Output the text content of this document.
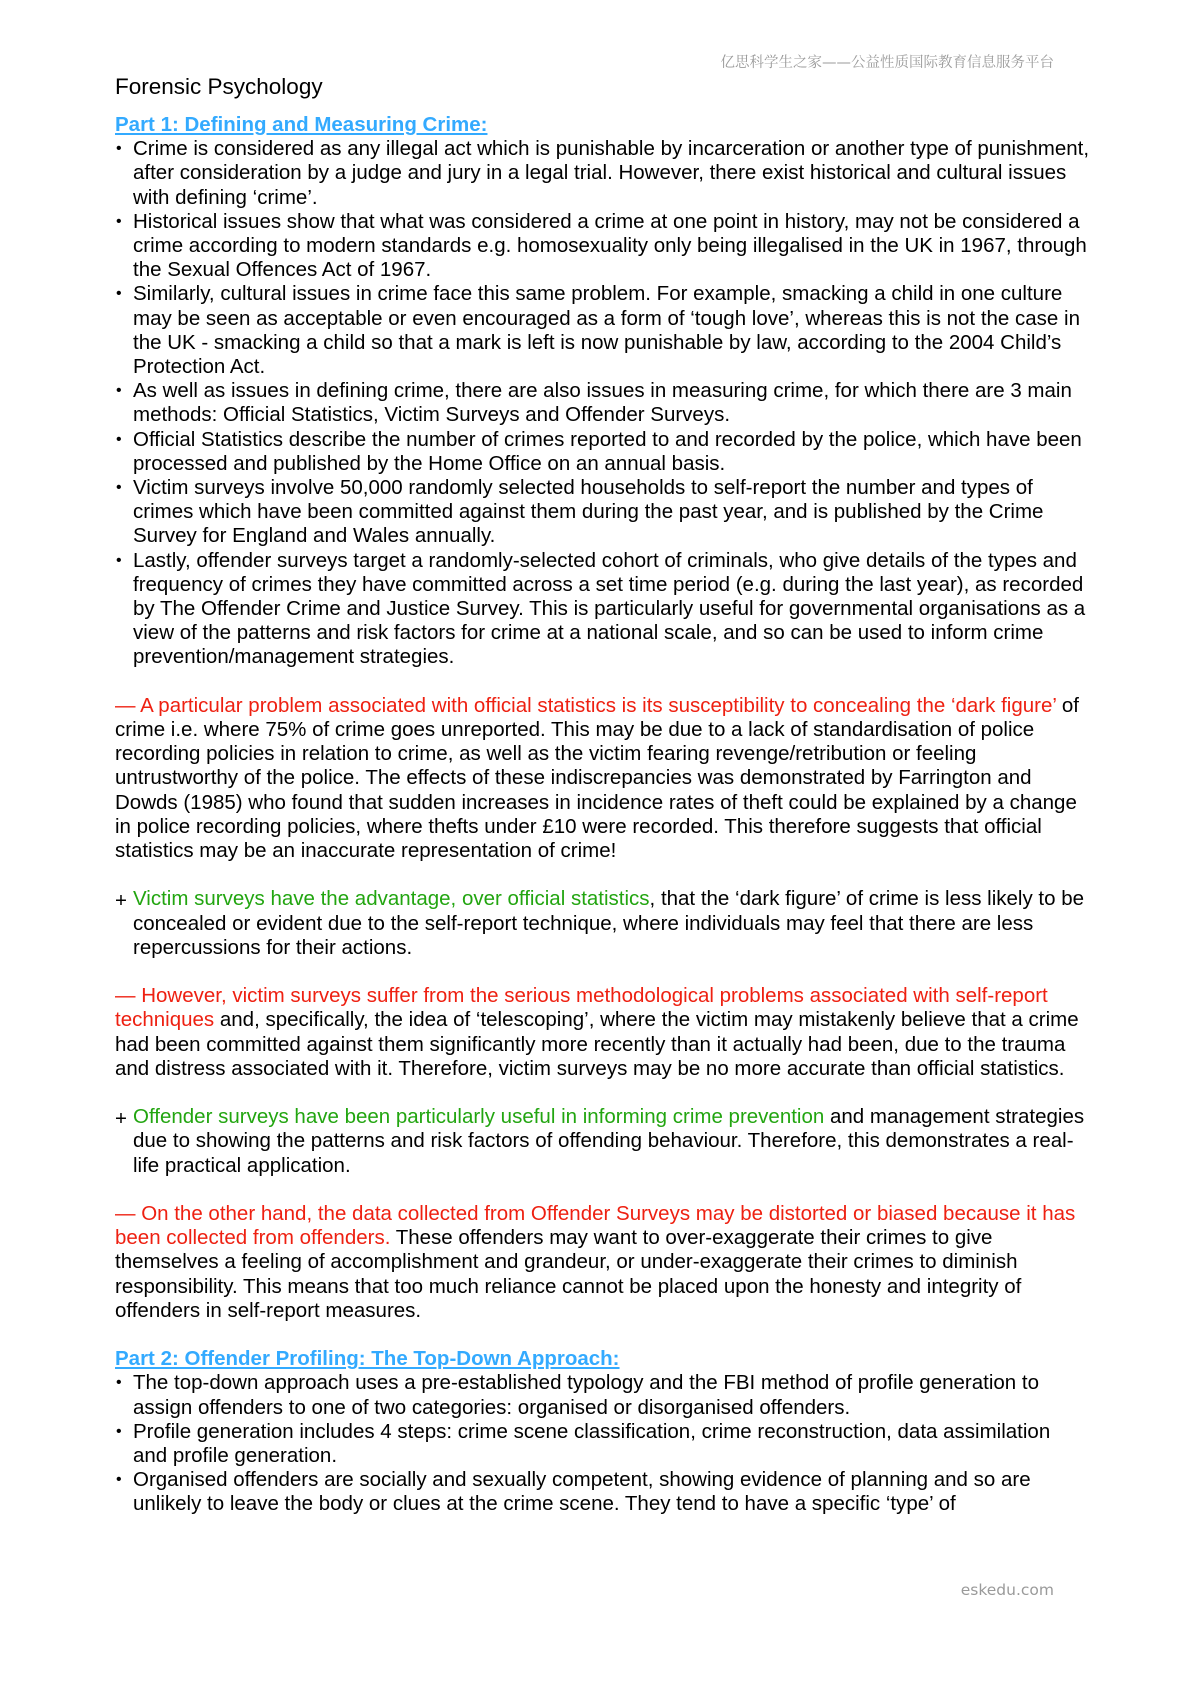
亿思科学生之家——公益性质国际教育信息服务平台
Forensic Psychology
Part 1: Defining and Measuring Crime:
• Crime is considered as any illegal act which is punishable by incarceration or another type of punishment, after consideration by a judge and jury in a legal trial. However, there exist historical and cultural issues with defining ‘crime’.
• Historical issues show that what was considered a crime at one point in history, may not be considered a crime according to modern standards e.g. homosexuality only being illegalised in the UK in 1967, through the Sexual Offences Act of 1967.
• Similarly, cultural issues in crime face this same problem. For example, smacking a child in one culture may be seen as acceptable or even encouraged as a form of ‘tough love’, whereas this is not the case in the UK - smacking a child so that a mark is left is now punishable by law, according to the 2004 Child’s Protection Act.
• As well as issues in defining crime, there are also issues in measuring crime, for which there are 3 main methods: Official Statistics, Victim Surveys and Offender Surveys.
• Official Statistics describe the number of crimes reported to and recorded by the police, which have been processed and published by the Home Office on an annual basis.
• Victim surveys involve 50,000 randomly selected households to self-report the number and types of crimes which have been committed against them during the past year, and is published by the Crime Survey for England and Wales annually.
• Lastly, offender surveys target a randomly-selected cohort of criminals, who give details of the types and frequency of crimes they have committed across a set time period (e.g. during the last year), as recorded by The Offender Crime and Justice Survey. This is particularly useful for governmental organisations as a view of the patterns and risk factors for crime at a national scale, and so can be used to inform crime prevention/management strategies.

— A particular problem associated with official statistics is its susceptibility to concealing the ‘dark figure’ of crime i.e. where 75% of crime goes unreported. This may be due to a lack of standardisation of police recording policies in relation to crime, as well as the victim fearing revenge/retribution or feeling untrustworthy of the police. The effects of these indiscrepancies was demonstrated by Farrington and Dowds (1985) who found that sudden increases in incidence rates of theft could be explained by a change in police recording policies, where thefts under £10 were recorded. This therefore suggests that official statistics may be an inaccurate representation of crime!

+ Victim surveys have the advantage, over official statistics, that the ‘dark figure’ of crime is less likely to be concealed or evident due to the self-report technique, where individuals may feel that there are less repercussions for their actions.

— However, victim surveys suffer from the serious methodological problems associated with self-report techniques and, specifically, the idea of ‘telescoping’, where the victim may mistakenly believe that a crime had been committed against them significantly more recently than it actually had been, due to the trauma and distress associated with it. Therefore, victim surveys may be no more accurate than official statistics.

+ Offender surveys have been particularly useful in informing crime prevention and management strategies due to showing the patterns and risk factors of offending behaviour. Therefore, this demonstrates a real-life practical application.

— On the other hand, the data collected from Offender Surveys may be distorted or biased because it has been collected from offenders. These offenders may want to over-exaggerate their crimes to give themselves a feeling of accomplishment and grandeur, or under-exaggerate their crimes to diminish responsibility. This means that too much reliance cannot be placed upon the honesty and integrity of offenders in self-report measures.

Part 2: Offender Profiling: The Top-Down Approach:
• The top-down approach uses a pre-established typology and the FBI method of profile generation to assign offenders to one of two categories: organised or disorganised offenders.
• Profile generation includes 4 steps: crime scene classification, crime reconstruction, data assimilation and profile generation.
• Organised offenders are socially and sexually competent, showing evidence of planning and so are unlikely to leave the body or clues at the crime scene. They tend to have a specific ‘type’ of
eskedu.com
